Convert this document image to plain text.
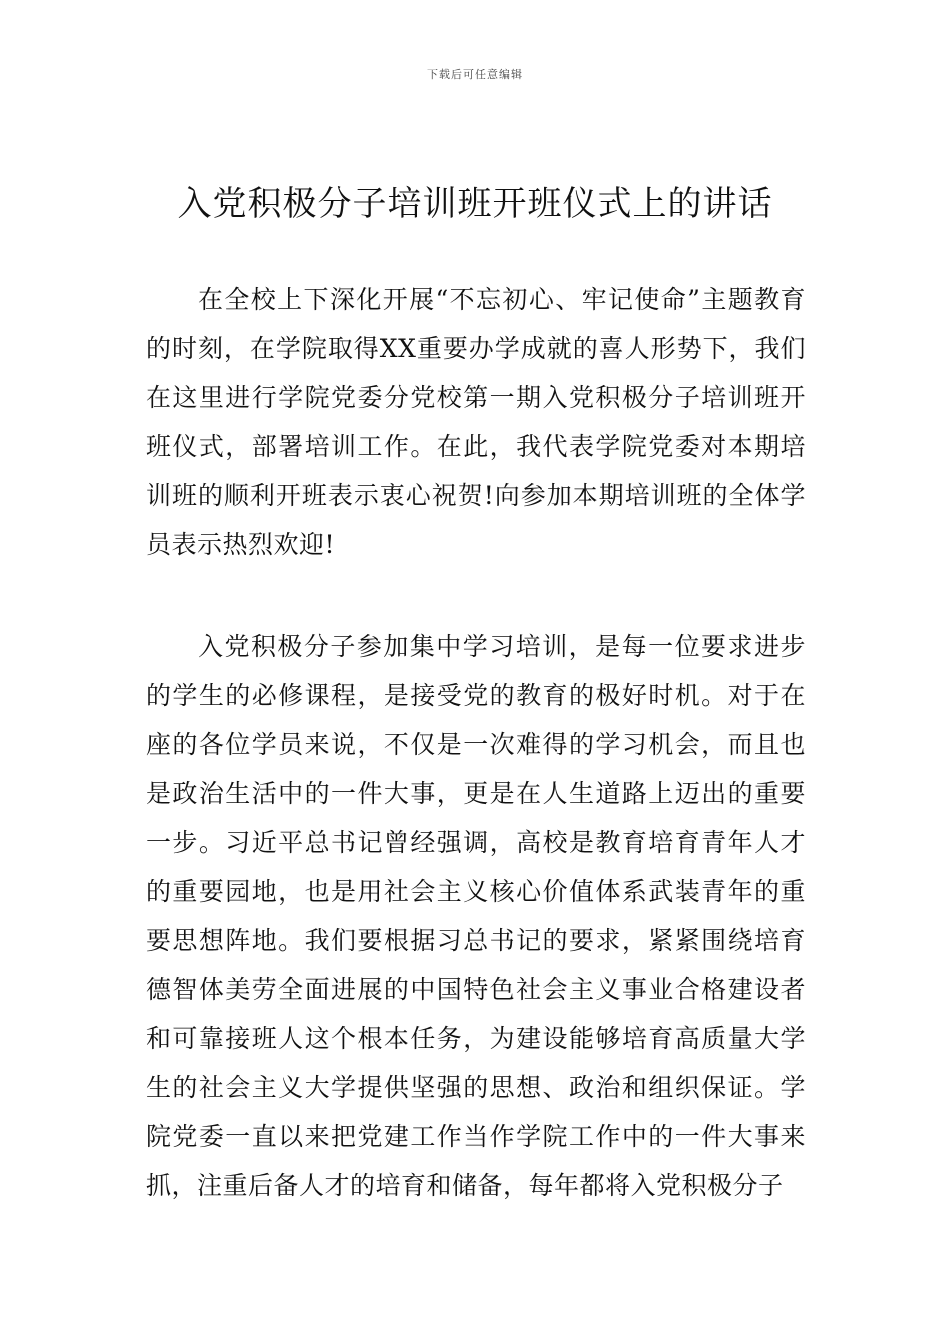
下载后可任意编辑
入党积极分子培训班开班仪式上的讲话

在全校上下深化开展“不忘初心、牢记使命”主题教育的时刻，在学院取得XX重要办学成就的喜人形势下，我们在这里进行学院党委分党校第一期入党积极分子培训班开班仪式，部署培训工作。在此，我代表学院党委对本期培训班的顺利开班表示衷心祝贺!向参加本期培训班的全体学员表示热烈欢迎!

入党积极分子参加集中学习培训，是每一位要求进步的学生的必修课程，是接受党的教育的极好时机。对于在座的各位学员来说，不仅是一次难得的学习机会，而且也是政治生活中的一件大事，更是在人生道路上迈出的重要一步。习近平总书记曾经强调，高校是教育培育青年人才的重要园地，也是用社会主义核心价值体系武装青年的重要思想阵地。我们要根据习总书记的要求，紧紧围绕培育德智体美劳全面进展的中国特色社会主义事业合格建设者和可靠接班人这个根本任务，为建设能够培育高质量大学生的社会主义大学提供坚强的思想、政治和组织保证。学院党委一直以来把党建工作当作学院工作中的一件大事来抓，注重后备人才的培育和储备，每年都将入党积极分子
